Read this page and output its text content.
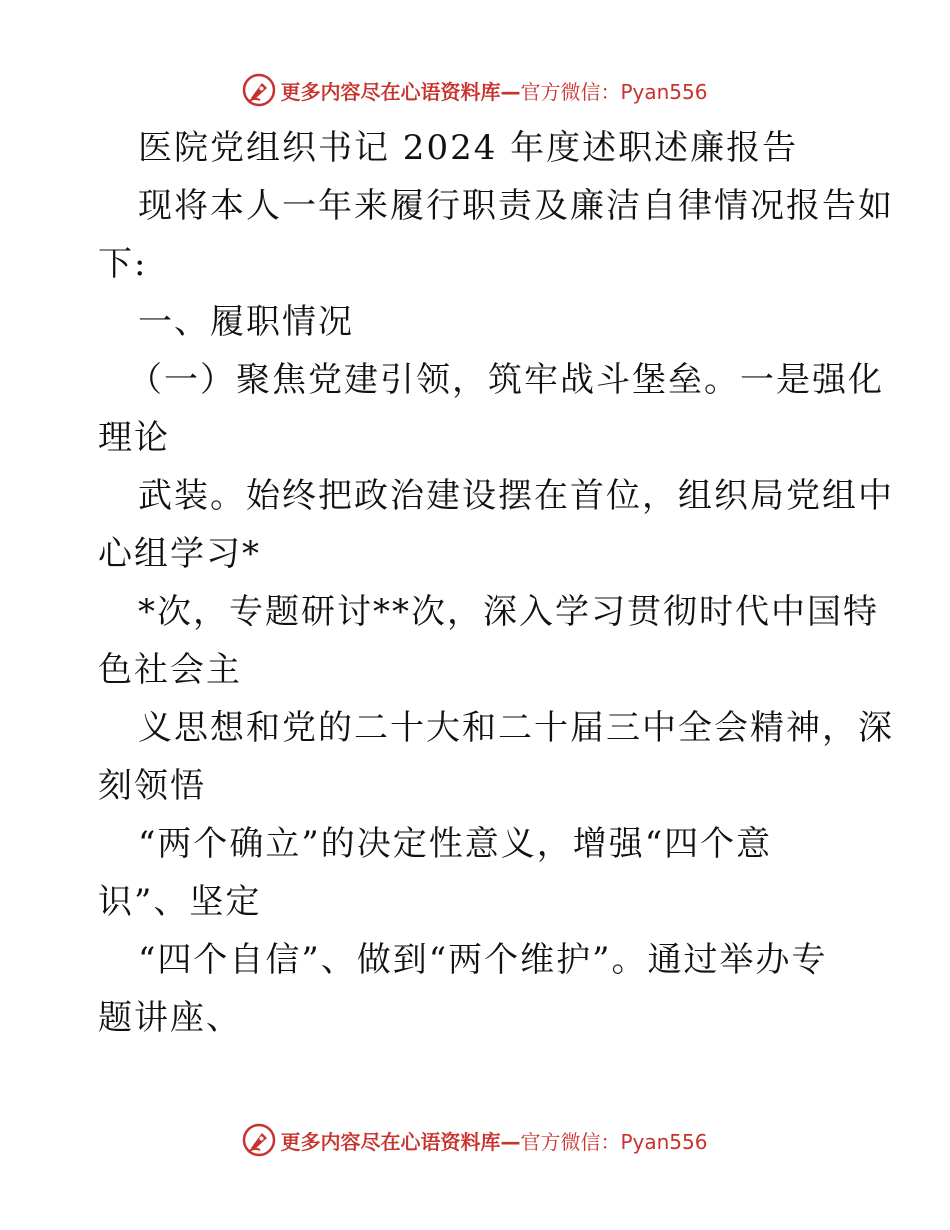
更多内容尽在心语资料库— 官方微信：Pyan556
医院党组织书记 2024 年度述职述廉报告
现将本人一年来履行职责及廉洁自律情况报告如
下:
一、履职情况
（一）聚焦党建引领，筑牢战斗堡垒。一是强化
理论
武装。始终把政治建设摆在首位，组织局党组中
心组学习*
*次，专题研讨**次，深入学习贯彻时代中国特
色社会主
义思想和党的二十大和二十届三中全会精神，深
刻领悟
“两个确立”的决定性意义，增强“四个意
识”、坚定
“四个自信”、做到“两个维护”。通过举办专
题讲座、
更多内容尽在心语资料库— 官方微信：Pyan556
